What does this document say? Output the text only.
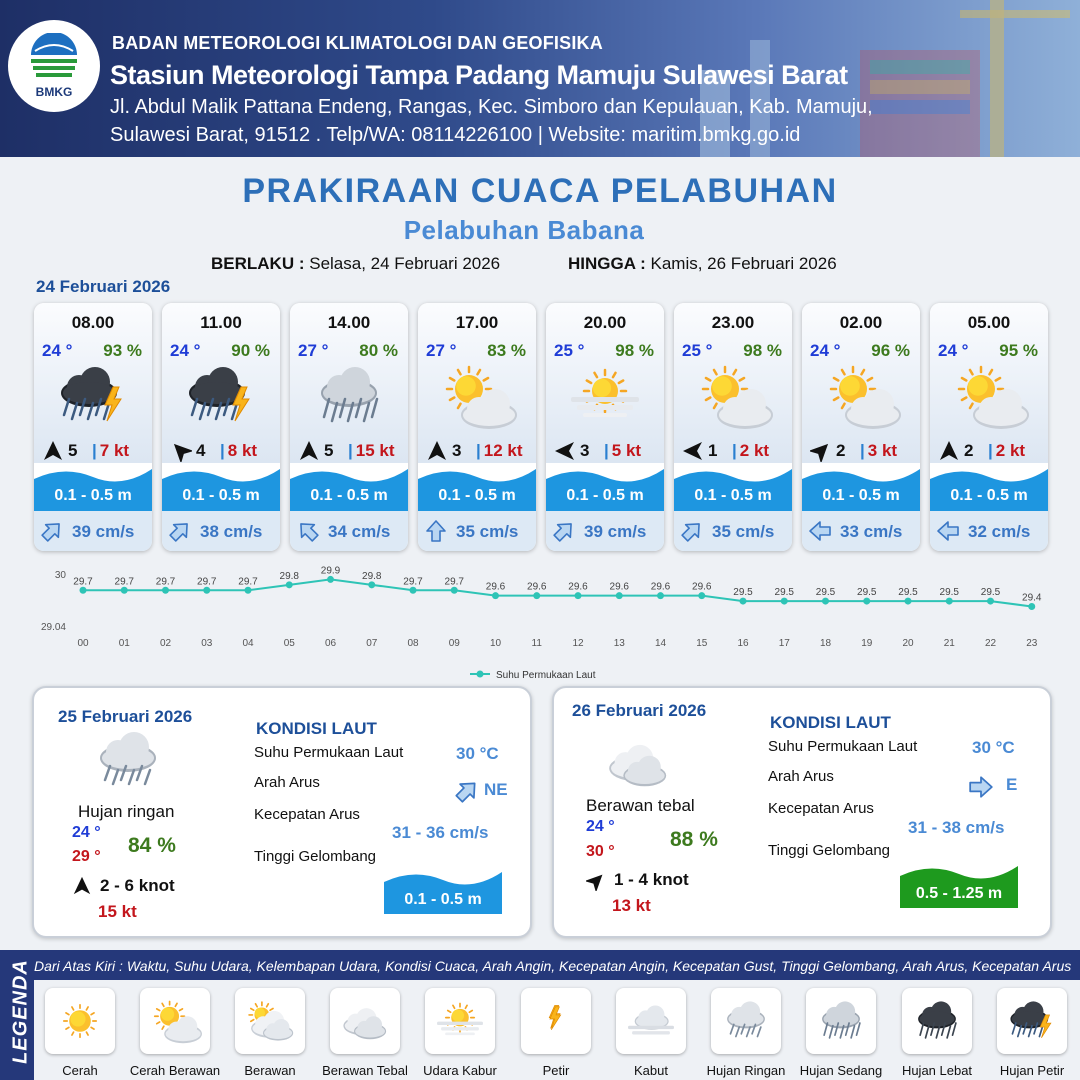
BMKG
BADAN METEOROLOGI KLIMATOLOGI DAN GEOFISIKA
Stasiun Meteorologi Tampa Padang Mamuju Sulawesi Barat
Jl. Abdul Malik Pattana Endeng, Rangas, Kec. Simboro dan Kepulauan, Kab. Mamuju,
Sulawesi Barat, 91512 . Telp/WA: 08114226100 | Website: maritim.bmkg.go.id
PRAKIRAAN CUACA PELABUHAN
Pelabuhan Babana
BERLAKU : Selasa, 24 Februari 2026	HINGGA : Kamis, 26 Februari 2026
24 Februari 2026
08.00
24 ° 93 %
5 | 7 kt
0.1 - 0.5 m
39 cm/s
11.00
24 ° 90 %
4 | 8 kt
0.1 - 0.5 m
38 cm/s
14.00
27 ° 80 %
5 | 15 kt
0.1 - 0.5 m
34 cm/s
17.00
27 ° 83 %
3 | 12 kt
0.1 - 0.5 m
35 cm/s
20.00
25 ° 98 %
3 | 5 kt
0.1 - 0.5 m
39 cm/s
23.00
25 ° 98 %
1 | 2 kt
0.1 - 0.5 m
35 cm/s
02.00
24 ° 96 %
2 | 3 kt
0.1 - 0.5 m
33 cm/s
05.00
24 ° 95 %
2 | 2 kt
0.1 - 0.5 m
32 cm/s
30
29.04
29.7
00
29.7
01
29.7
02
29.7
03
29.7
04
29.8
05
29.9
06
29.8
07
29.7
08
29.7
09
29.6
10
29.6
11
29.6
12
29.6
13
29.6
14
29.6
15
29.5
16
29.5
17
29.5
18
29.5
19
29.5
20
29.5
21
29.5
22
29.4
23
Suhu Permukaan Laut
25 Februari 2026
Hujan ringan
24 °
29 ° 84 %
2 - 6 knot
15 kt
KONDISI LAUT
Suhu Permukaan Laut	30 °C
Arah Arus	NE
Kecepatan Arus
31 - 36 cm/s
Tinggi Gelombang
0.1 - 0.5 m
26 Februari 2026
Berawan tebal
24 °
30 °
88 %
1 - 4 knot
13 kt
KONDISI LAUT
Suhu Permukaan Laut	30 °C
Arah Arus	E
Kecepatan Arus
31 - 38 cm/s
Tinggi Gelombang
0.5 - 1.25 m
LEGENDA Dari Atas Kiri : Waktu, Suhu Udara, Kelembapan Udara, Kondisi Cuaca, Arah Angin, Kecepatan Angin, Kecepatan Gust, Tinggi Gelombang, Arah Arus, Kecepatan Arus
Cerah	Cerah Berawan	Berawan	Berawan Tebal	Udara Kabur	Petir	Kabut	Hujan Ringan	Hujan Sedang	Hujan Lebat	Hujan Petir
